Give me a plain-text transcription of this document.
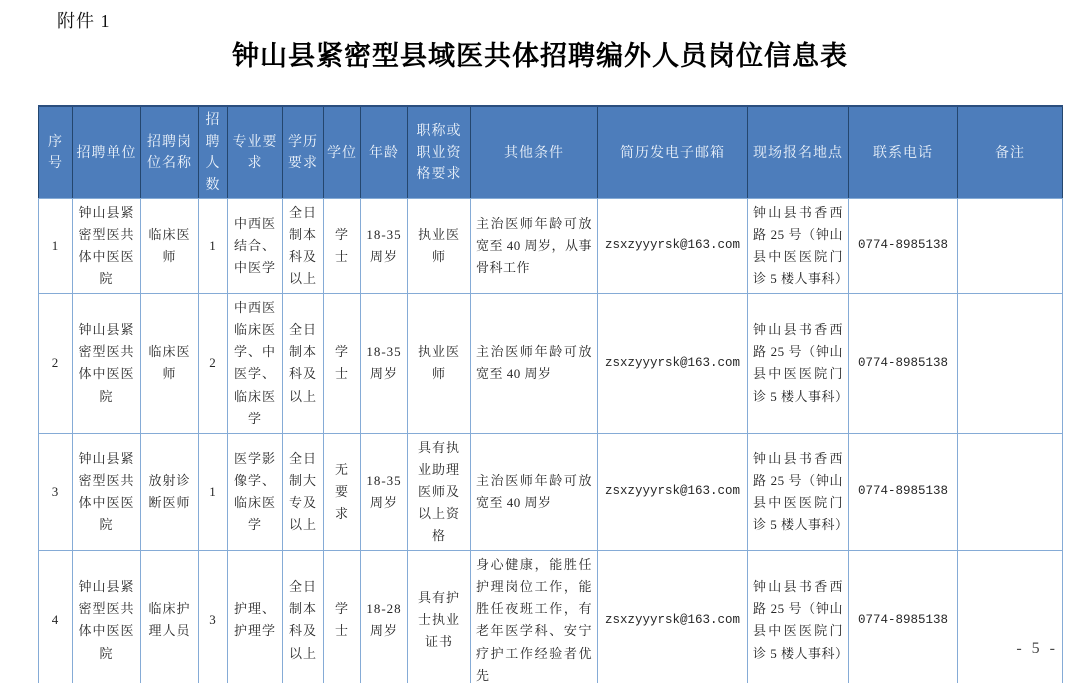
附件 1
钟山县紧密型县域医共体招聘编外人员岗位信息表
序号	招聘单位	招聘岗位名称	招聘人数	专业要求	学历要求	学位	年龄	职称或职业资格要求	其他条件	简历发电子邮箱	现场报名地点	联系电话	备注
1	钟山县紧密型医共体中医医院	临床医师	1	中西医结合、中医学	全日制本科及以上	学士	18-35 周岁	执业医师	主治医师年龄可放宽至 40 周岁，从事骨科工作	zsxzyyyrsk@163.com	钟山县书香西路 25 号（钟山县中医医院门诊 5 楼人事科）	0774-8985138	
2	钟山县紧密型医共体中医医院	临床医师	2	中西医临床医学、中医学、临床医学	全日制本科及以上	学士	18-35 周岁	执业医师	主治医师年龄可放宽至 40 周岁	zsxzyyyrsk@163.com	钟山县书香西路 25 号（钟山县中医医院门诊 5 楼人事科）	0774-8985138	
3	钟山县紧密型医共体中医医院	放射诊断医师	1	医学影像学、临床医学	全日制大专及以上	无要求	18-35 周岁	具有执业助理医师及以上资格	主治医师年龄可放宽至 40 周岁	zsxzyyyrsk@163.com	钟山县书香西路 25 号（钟山县中医医院门诊 5 楼人事科）	0774-8985138	
4	钟山县紧密型医共体中医医院	临床护理人员	3	护理、护理学	全日制本科及以上	学士	18-28 周岁	具有护士执业证书	身心健康，能胜任护理岗位工作，能胜任夜班工作，有老年医学科、安宁疗护工作经验者优先	zsxzyyyrsk@163.com	钟山县书香西路 25 号（钟山县中医医院门诊 5 楼人事科）	0774-8985138	
- 5 -
